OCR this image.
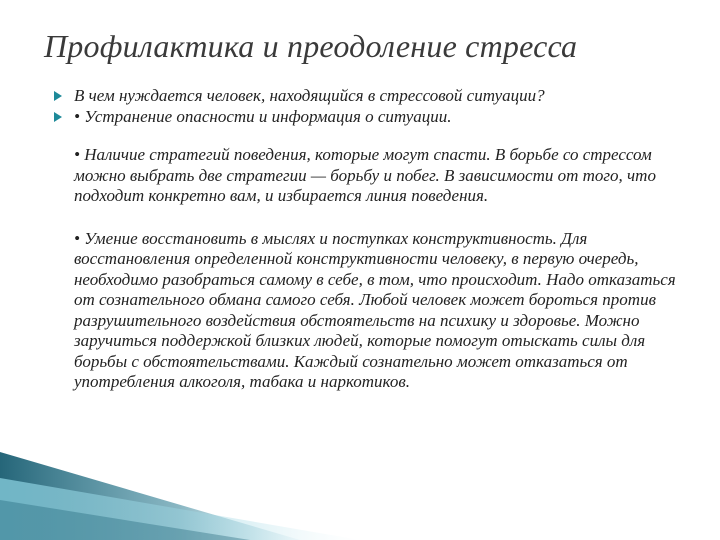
Профилактика и преодоление стресса
В чем нуждается человек, находящийся в стрессовой ситуации?
• Устранение опасности и информация о ситуации.
• Наличие стратегий поведения, которые могут спасти. В борьбе со стрессом можно выбрать две стратегии — борьбу и побег. В зависимости от того, что подходит конкретно вам, и избирается линия поведения.
• Умение восстановить в мыслях и поступках конструктивность. Для восстановления определенной конструктивности человеку, в первую очередь, необходимо разобраться самому в себе, в том, что происходит. Надо отказаться от сознательного обмана самого себя. Любой человек может бороться против разрушительного воздействия обстоятельств на психику и здоровье. Можно заручиться поддержкой близких людей, которые помогут отыскать силы для борьбы с обстоятельствами. Каждый сознательно может отказаться от употребления алкоголя, табака и наркотиков.
